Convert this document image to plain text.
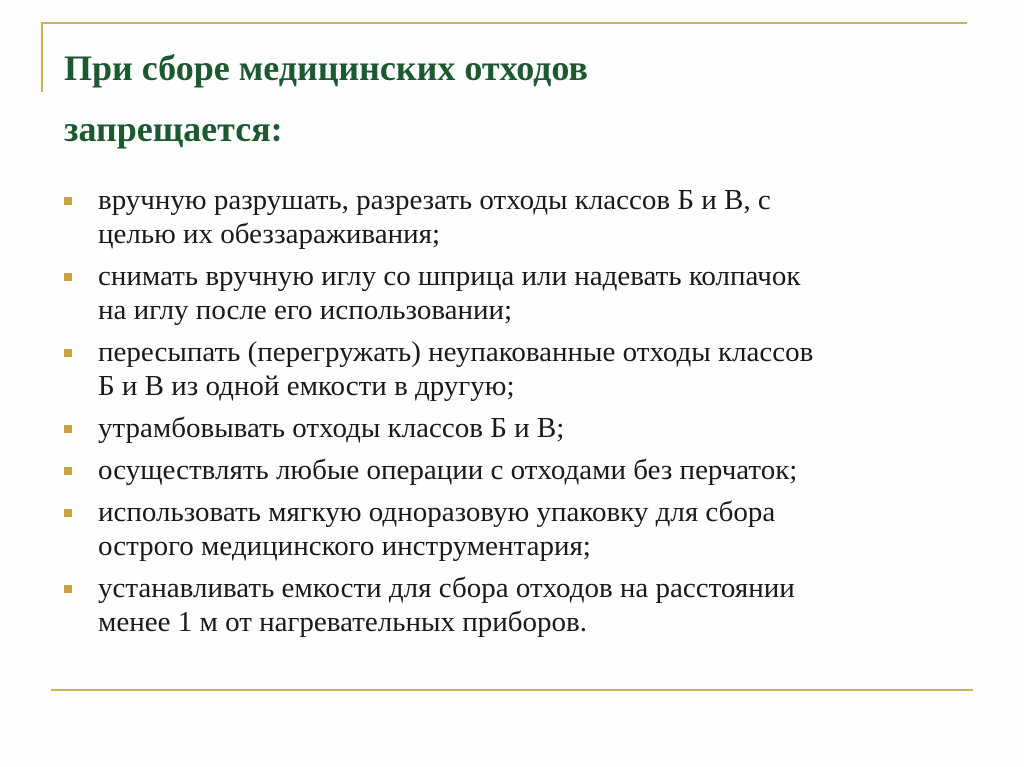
При сборе медицинских отходов
запрещается:
вручную разрушать, разрезать отходы классов Б и В, с
целью их обеззараживания;
снимать вручную иглу со шприца или надевать колпачок
на иглу после его использовании;
пересыпать (перегружать) неупакованные отходы классов
Б и В из одной емкости в другую;
утрамбовывать отходы классов Б и В;
осуществлять любые операции с отходами без перчаток;
использовать мягкую одноразовую упаковку для сбора
острого медицинского инструментария;
устанавливать емкости для сбора отходов на расстоянии
менее 1 м от нагревательных приборов.
